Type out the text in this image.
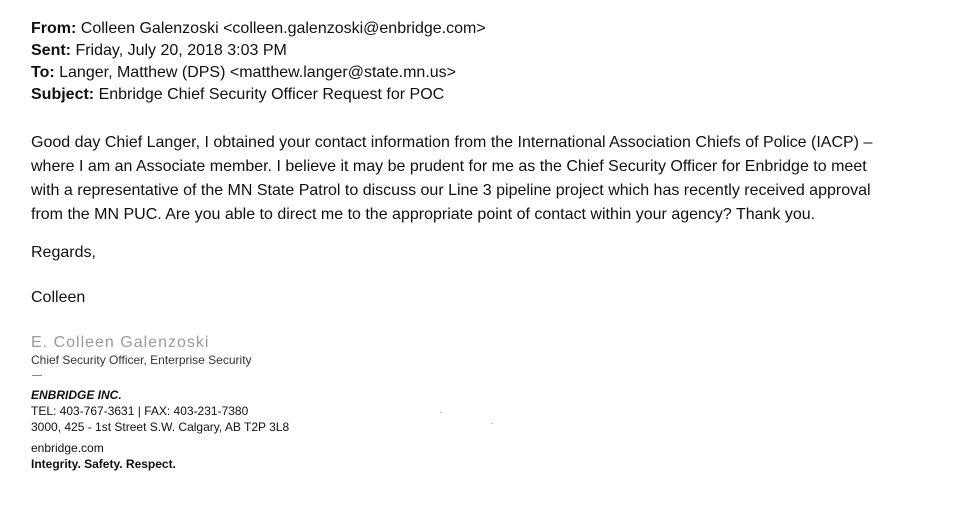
From: Colleen Galenzoski <colleen.galenzoski@enbridge.com>
Sent: Friday, July 20, 2018 3:03 PM
To: Langer, Matthew (DPS) <matthew.langer@state.mn.us>
Subject: Enbridge Chief Security Officer Request for POC
Good day Chief Langer, I obtained your contact information from the International Association Chiefs of Police (IACP) –
where I am an Associate member. I believe it may be prudent for me as the Chief Security Officer for Enbridge to meet
with a representative of the MN State Patrol to discuss our Line 3 pipeline project which has recently received approval
from the MN PUC. Are you able to direct me to the appropriate point of contact within your agency? Thank you.
Regards,
Colleen
E. Colleen Galenzoski
Chief Security Officer, Enterprise Security
ENBRIDGE INC.
TEL: 403-767-3631 | FAX: 403-231-7380
3000, 425 - 1st Street S.W. Calgary, AB T2P 3L8
enbridge.com
Integrity. Safety. Respect.
